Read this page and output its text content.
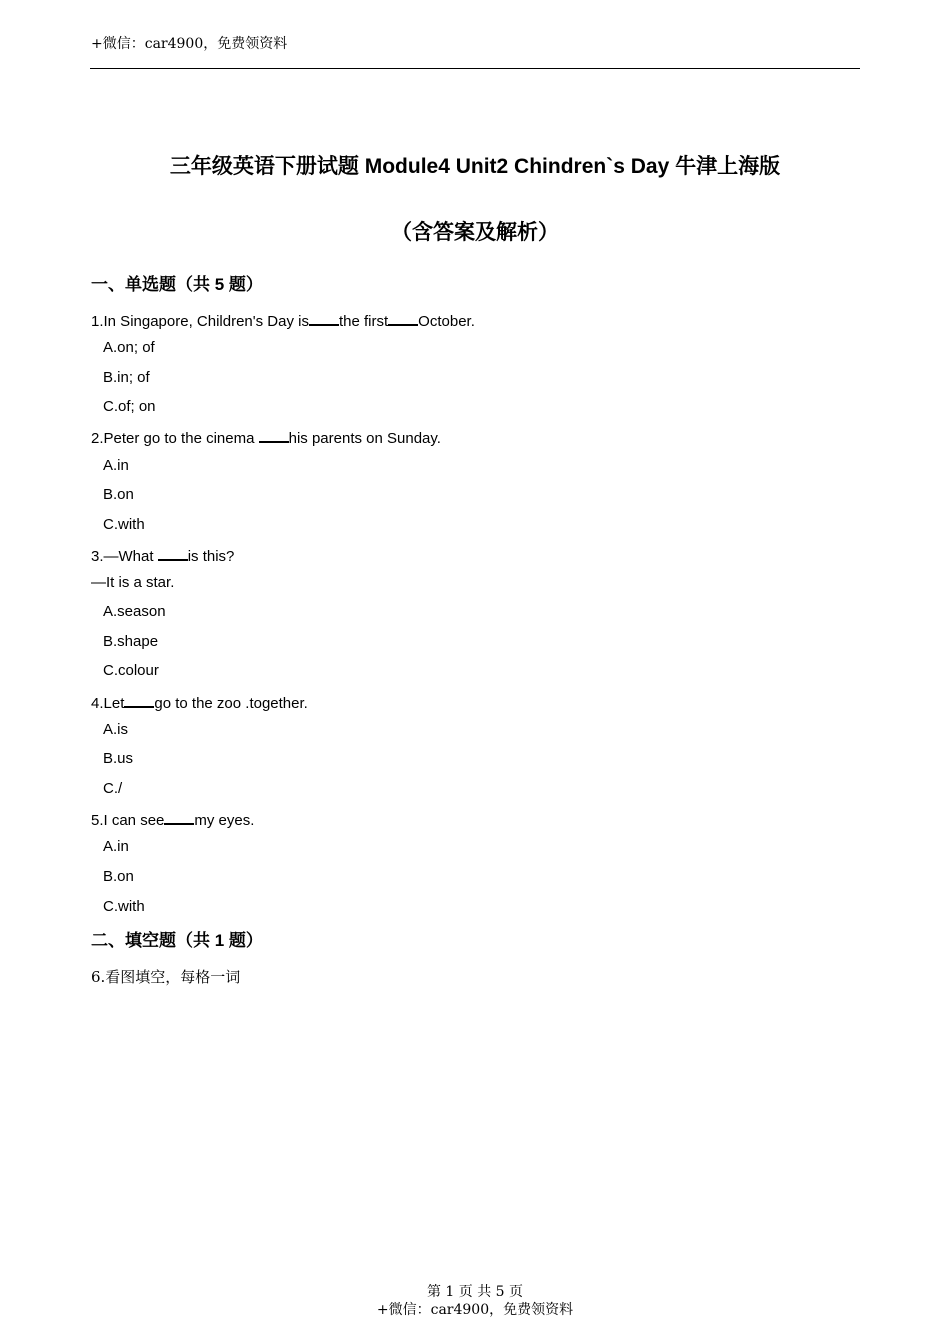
+微信：car4900，免费领资料
三年级英语下册试题 Module4 Unit2 Chindren`s Day 牛津上海版
（含答案及解析）
一、单选题（共 5 题）
1.In Singapore, Children's Day is the first October.
A.on; of
B.in; of
C.of; on
2.Peter go to the cinema his parents on Sunday.
A.in
B.on
C.with
3.—What is this?
—It is a star.
A.season
B.shape
C.colour
4.Let go to the zoo .together.
A.is
B.us
C./
5.I can see my eyes.
A.in
B.on
C.with
二、填空题（共 1 题）
6.看图填空，每格一词
第 1 页 共 5 页
+微信：car4900，免费领资料
